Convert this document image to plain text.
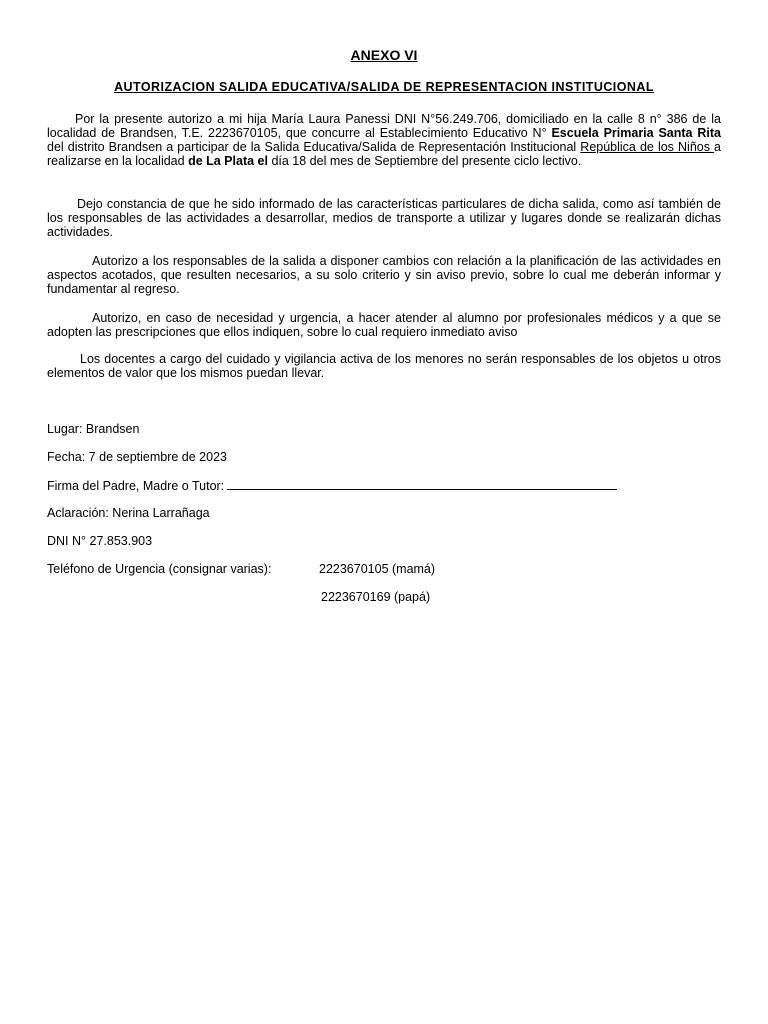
ANEXO VI
AUTORIZACION SALIDA EDUCATIVA/SALIDA DE REPRESENTACION INSTITUCIONAL

Por la presente autorizo a mi hija María Laura Panessi DNI N°56.249.706, domiciliado en la calle 8 n° 386 de la localidad de Brandsen, T.E. 2223670105, que concurre al Establecimiento Educativo N° Escuela Primaria Santa Rita del distrito Brandsen a participar de la Salida Educativa/Salida de Representación Institucional República de los Niños a realizarse en la localidad de La Plata el día 18 del mes de Septiembre del presente ciclo lectivo.

Dejo constancia de que he sido informado de las características particulares de dicha salida, como así también de los responsables de las actividades a desarrollar, medios de transporte a utilizar y lugares donde se realizarán dichas actividades.

Autorizo a los responsables de la salida a disponer cambios con relación a la planificación de las actividades en aspectos acotados, que resulten necesarios, a su solo criterio y sin aviso previo, sobre lo cual me deberán informar y fundamentar al regreso.

Autorizo, en caso de necesidad y urgencia, a hacer atender al alumno por profesionales médicos y a que se adopten las prescripciones que ellos indiquen, sobre lo cual requiero inmediato aviso

Los docentes a cargo del cuidado y vigilancia activa de los menores no serán responsables de los objetos u otros elementos de valor que los mismos puedan llevar.

Lugar: Brandsen
Fecha: 7 de septiembre de 2023
Firma del Padre, Madre o Tutor:
Aclaración: Nerina Larrañaga
DNI N° 27.853.903
Teléfono de Urgencia (consignar varias):	2223670105 (mamá)
2223670169 (papá)
